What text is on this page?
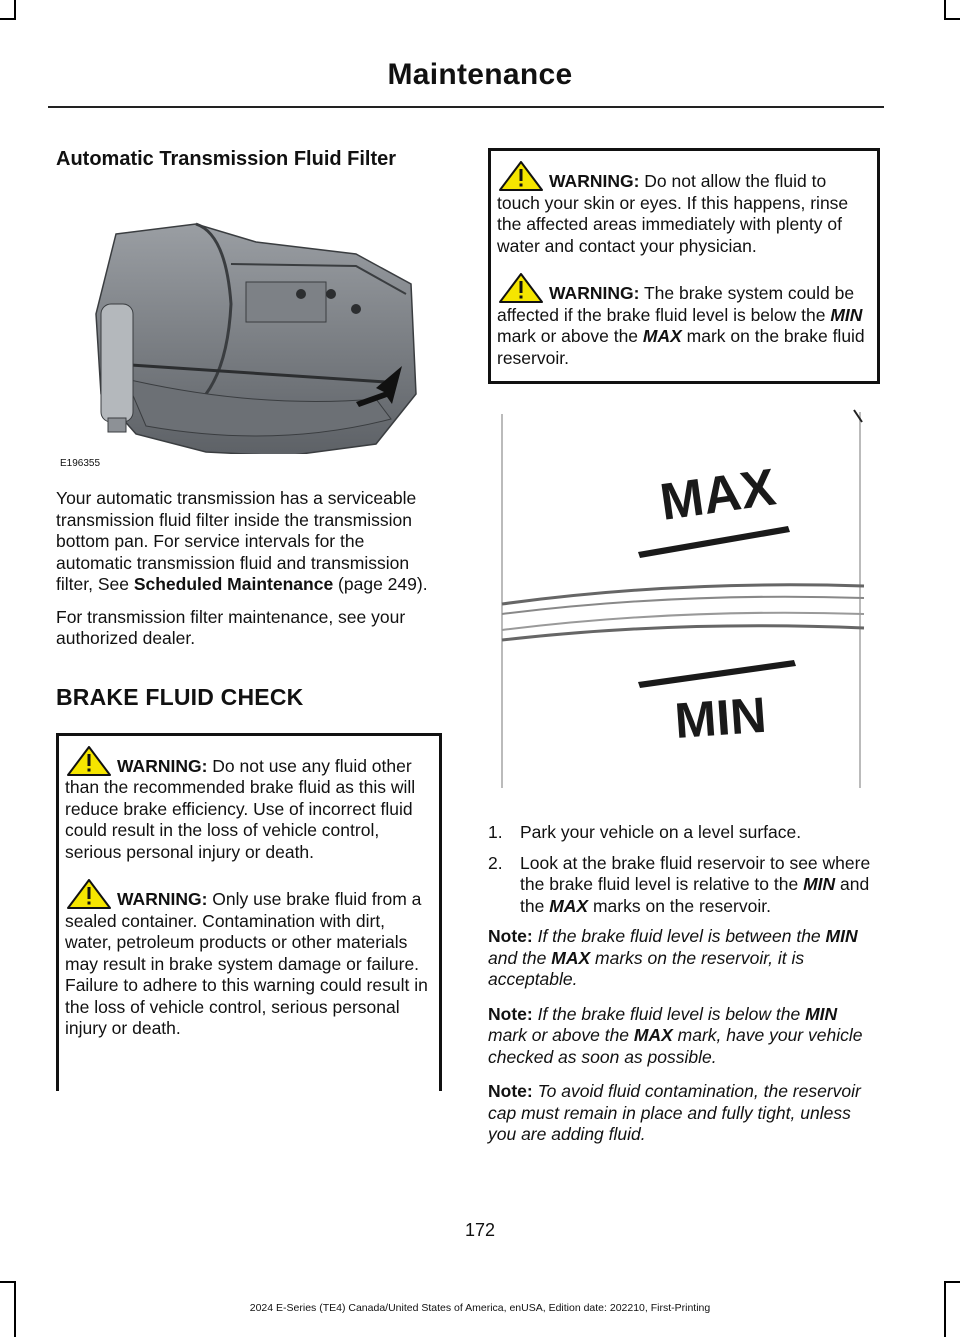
Maintenance
Automatic Transmission Fluid Filter
E196355

Your automatic transmission has a serviceable transmission fluid filter inside the transmission bottom pan. For service intervals for the automatic transmission fluid and transmission filter, See Scheduled Maintenance (page 249).

For transmission filter maintenance, see your authorized dealer.

BRAKE FLUID CHECK

WARNING: Do not use any fluid other than the recommended brake fluid as this will reduce brake efficiency. Use of incorrect fluid could result in the loss of vehicle control, serious personal injury or death.

WARNING: Only use brake fluid from a sealed container. Contamination with dirt, water, petroleum products or other materials may result in brake system damage or failure. Failure to adhere to this warning could result in the loss of vehicle control, serious personal injury or death.

WARNING: Do not allow the fluid to touch your skin or eyes. If this happens, rinse the affected areas immediately with plenty of water and contact your physician.

WARNING: The brake system could be affected if the brake fluid level is below the MIN mark or above the MAX mark on the brake fluid reservoir.

MAX
MIN
1. Park your vehicle on a level surface.
2. Look at the brake fluid reservoir to see where the brake fluid level is relative to the MIN and the MAX marks on the reservoir.

Note: If the brake fluid level is between the MIN and the MAX marks on the reservoir, it is acceptable.

Note: If the brake fluid level is below the MIN mark or above the MAX mark, have your vehicle checked as soon as possible.

Note: To avoid fluid contamination, the reservoir cap must remain in place and fully tight, unless you are adding fluid.

172
2024 E-Series (TE4) Canada/United States of America, enUSA, Edition date: 202210, First-Printing
